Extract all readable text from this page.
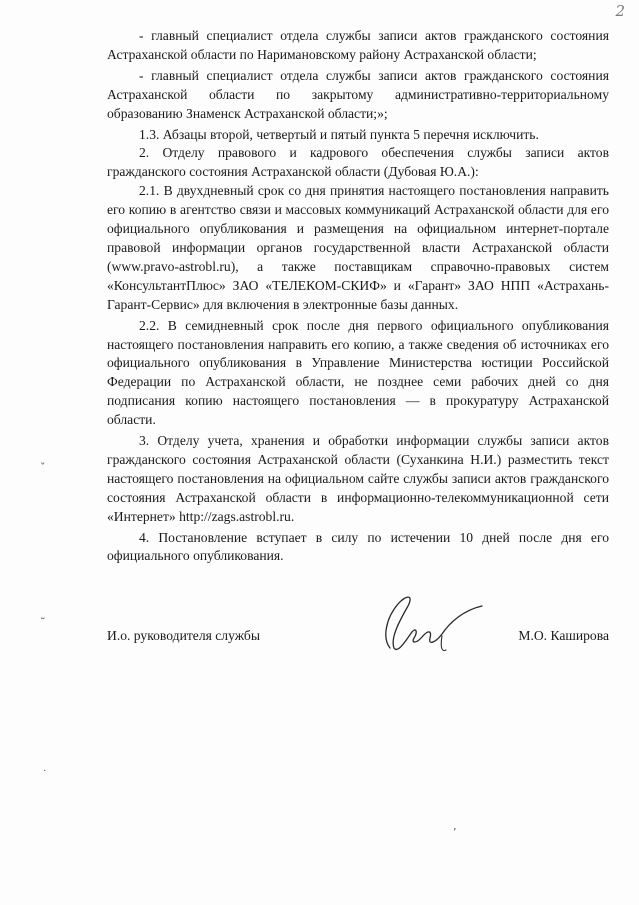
2

- главный специалист отдела службы записи актов гражданского состояния Астраханской области по Наримановскому району Астраханской области;

- главный специалист отдела службы записи актов гражданского состояния Астраханской области по закрытому административно-территориальному образованию Знаменск Астраханской области;»;

1.3. Абзацы второй, четвертый и пятый пункта 5 перечня исключить.

2. Отделу правового и кадрового обеспечения службы записи актов гражданского состояния Астраханской области (Дубовая Ю.А.):

2.1. В двухдневный срок со дня принятия настоящего постановления направить его копию в агентство связи и массовых коммуникаций Астраханской области для его официального опубликования и размещения на официальном интернет-портале правовой информации органов государственной власти Астраханской области (www.pravo-astrobl.ru), а также поставщикам справочно-правовых систем «КонсультантПлюс» ЗАО «ТЕЛЕКОМ-СКИФ» и «Гарант» ЗАО НПП «Астрахань-Гарант-Сервис» для включения в электронные базы данных.

2.2. В семидневный срок после дня первого официального опубликования настоящего постановления направить его копию, а также сведения об источниках его официального опубликования в Управление Министерства юстиции Российской Федерации по Астраханской области, не позднее семи рабочих дней со дня подписания копию настоящего постановления — в прокуратуру Астраханской области.

3. Отделу учета, хранения и обработки информации службы записи актов гражданского состояния Астраханской области (Суханкина Н.И.) разместить текст настоящего постановления на официальном сайте службы записи актов гражданского состояния Астраханской области в информационно-телекоммуникационной сети «Интернет» http://zags.astrobl.ru.

4. Постановление вступает в силу по истечении 10 дней после дня его официального опубликования.

И.о. руководителя службы	М.О. Каширова
ˇ
˜
˙
ʼ
